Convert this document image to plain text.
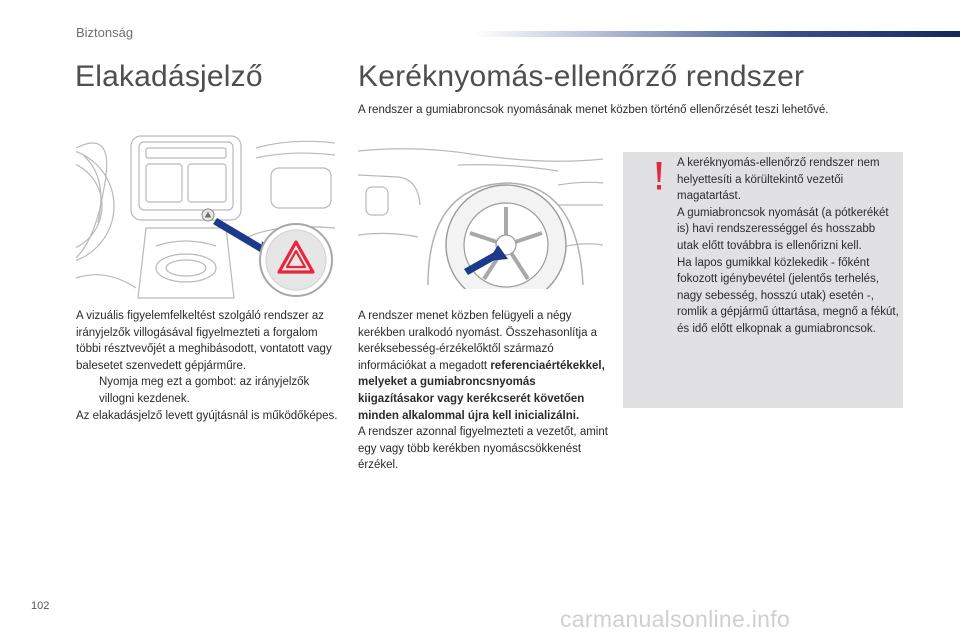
Biztonság
Elakadásjelző	Keréknyomás-ellenőrző rendszer
A rendszer a gumiabroncsok nyomásának menet közben történő ellenőrzését teszi lehetővé.

A vizuális figyelemfelkeltést szolgáló rendszer az irányjelzők villogásával figyelmezteti a forgalom többi résztvevőjét a meghibásodott, vontatott vagy balesetet szenvedett gépjárműre.

Nyomja meg ezt a gombot: az irányjelzők villogni kezdenek.

Az elakadásjelző levett gyújtásnál is működőképes.

A rendszer menet közben felügyeli a négy kerékben uralkodó nyomást. Összehasonlítja a keréksebesség-érzékelőktől származó információkat a megadott referenciaértékekkel, melyeket a gumiabroncsnyomás kiigazításakor vagy kerékcserét követően minden alkalommal újra kell inicializálni.

A rendszer azonnal figyelmezteti a vezetőt, amint egy vagy több kerékben nyomáscsökkenést érzékel.

A keréknyomás-ellenőrző rendszer nem helyettesíti a körültekintő vezetői magatartást.

A gumiabroncsok nyomását (a pótkerékét is) havi rendszerességgel és hosszabb utak előtt továbbra is ellenőrizni kell.

Ha lapos gumikkal közlekedik - főként fokozott igénybevétel (jelentős terhelés, nagy sebesség, hosszú utak) esetén -, romlik a gépjármű úttartása, megnő a fékút, és idő előtt elkopnak a gumiabroncsok.

102	carmanualsonline.info
